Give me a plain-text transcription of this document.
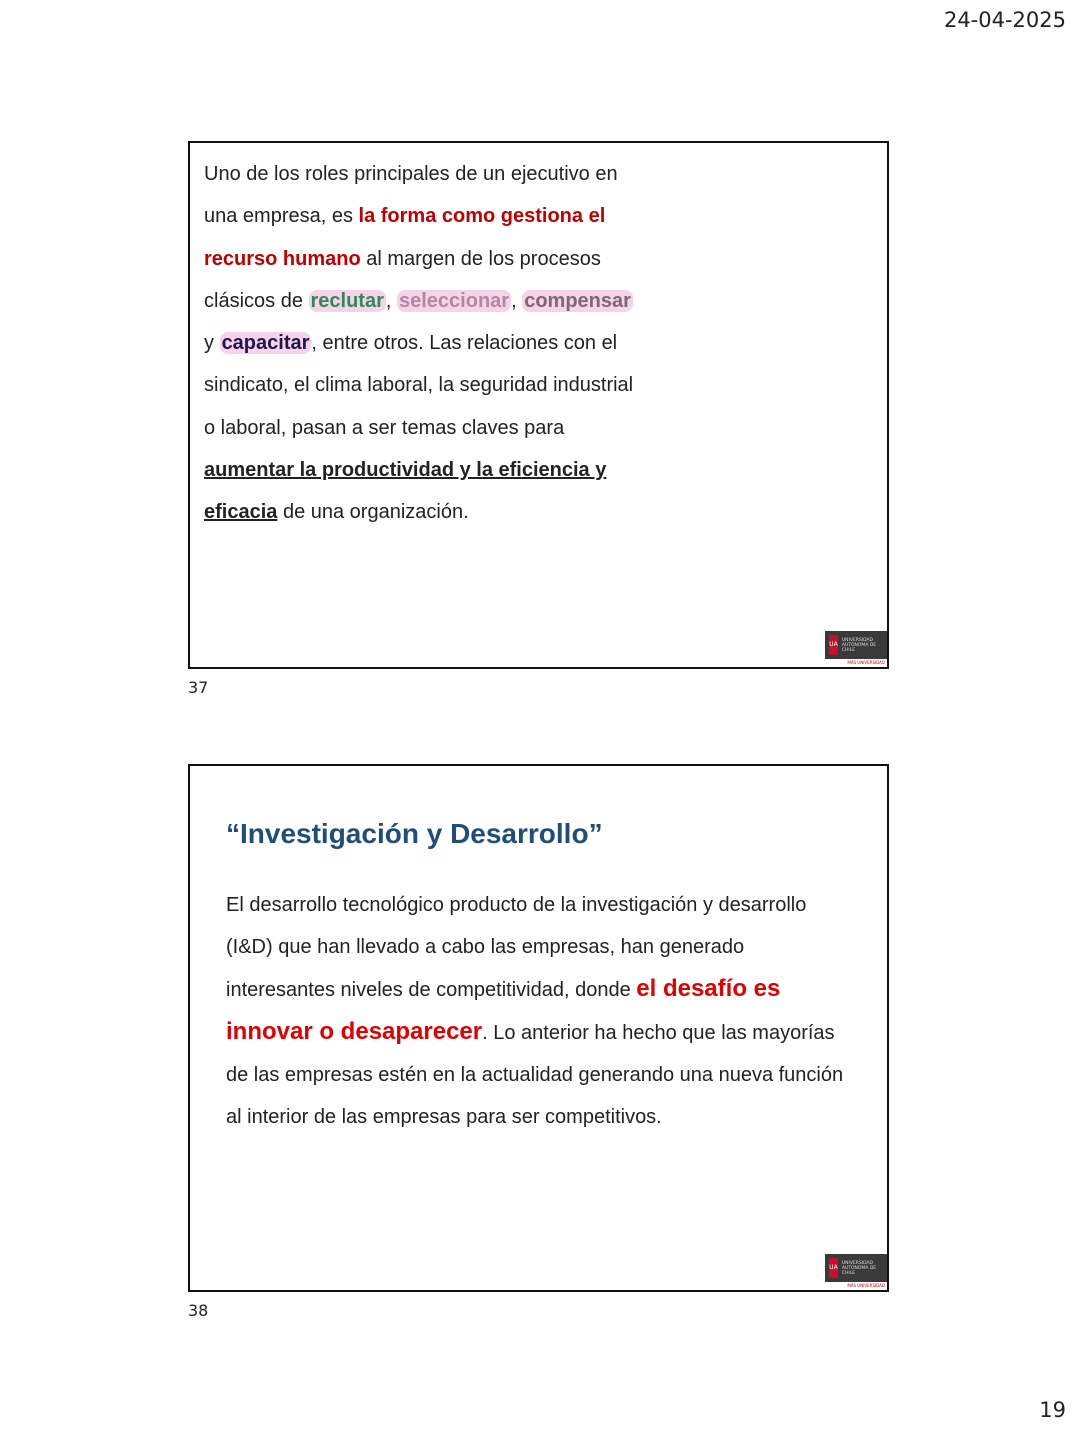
24-04-2025
Uno de los roles principales de un ejecutivo en una empresa, es la forma como gestiona el recurso humano al margen de los procesos clásicos de reclutar , seleccionar , compensar y capacitar , entre otros. Las relaciones con el sindicato, el clima laboral, la seguridad industrial o laboral, pasan a ser temas claves para aumentar la productividad y la eficiencia y eficacia de una organización.
UA
UNIVERSIDAD AUTÓNOMA DE CHILE
MÁS UNIVERSIDAD
37
“Investigación y Desarrollo”
El desarrollo tecnológico producto de la investigación y desarrollo (I&D) que han llevado a cabo las empresas, han generado interesantes niveles de competitividad, donde el desafío es innovar o desaparecer. Lo anterior ha hecho que las mayorías de las empresas estén en la actualidad generando una nueva función al interior de las empresas para ser competitivos.
UA
UNIVERSIDAD AUTÓNOMA DE CHILE
MÁS UNIVERSIDAD
38
19
